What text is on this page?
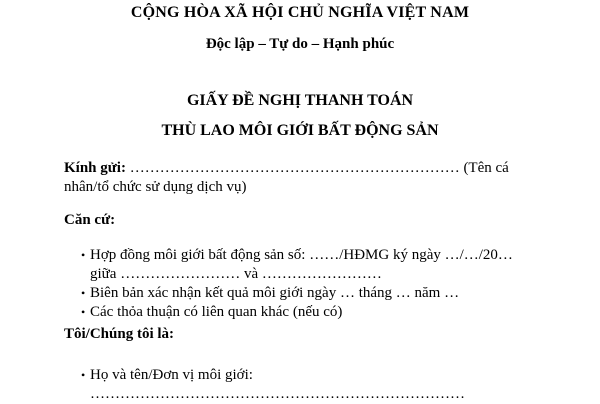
CỘNG HÒA XÃ HỘI CHỦ NGHĨA VIỆT NAM
Độc lập – Tự do – Hạnh phúc
GIẤY ĐỀ NGHỊ THANH TOÁN
THÙ LAO MÔI GIỚI BẤT ĐỘNG SẢN
Kính gửi: ………………………………………………………… (Tên cá
nhân/tổ chức sử dụng dịch vụ)
Căn cứ:
• Hợp đồng môi giới bất động sản số: ……/HĐMG ký ngày …/…/20…
giữa …………………… và ……………………
• Biên bản xác nhận kết quả môi giới ngày … tháng … năm …
• Các thỏa thuận có liên quan khác (nếu có)
Tôi/Chúng tôi là:
• Họ và tên/Đơn vị môi giới:
…………………………………………………………………
